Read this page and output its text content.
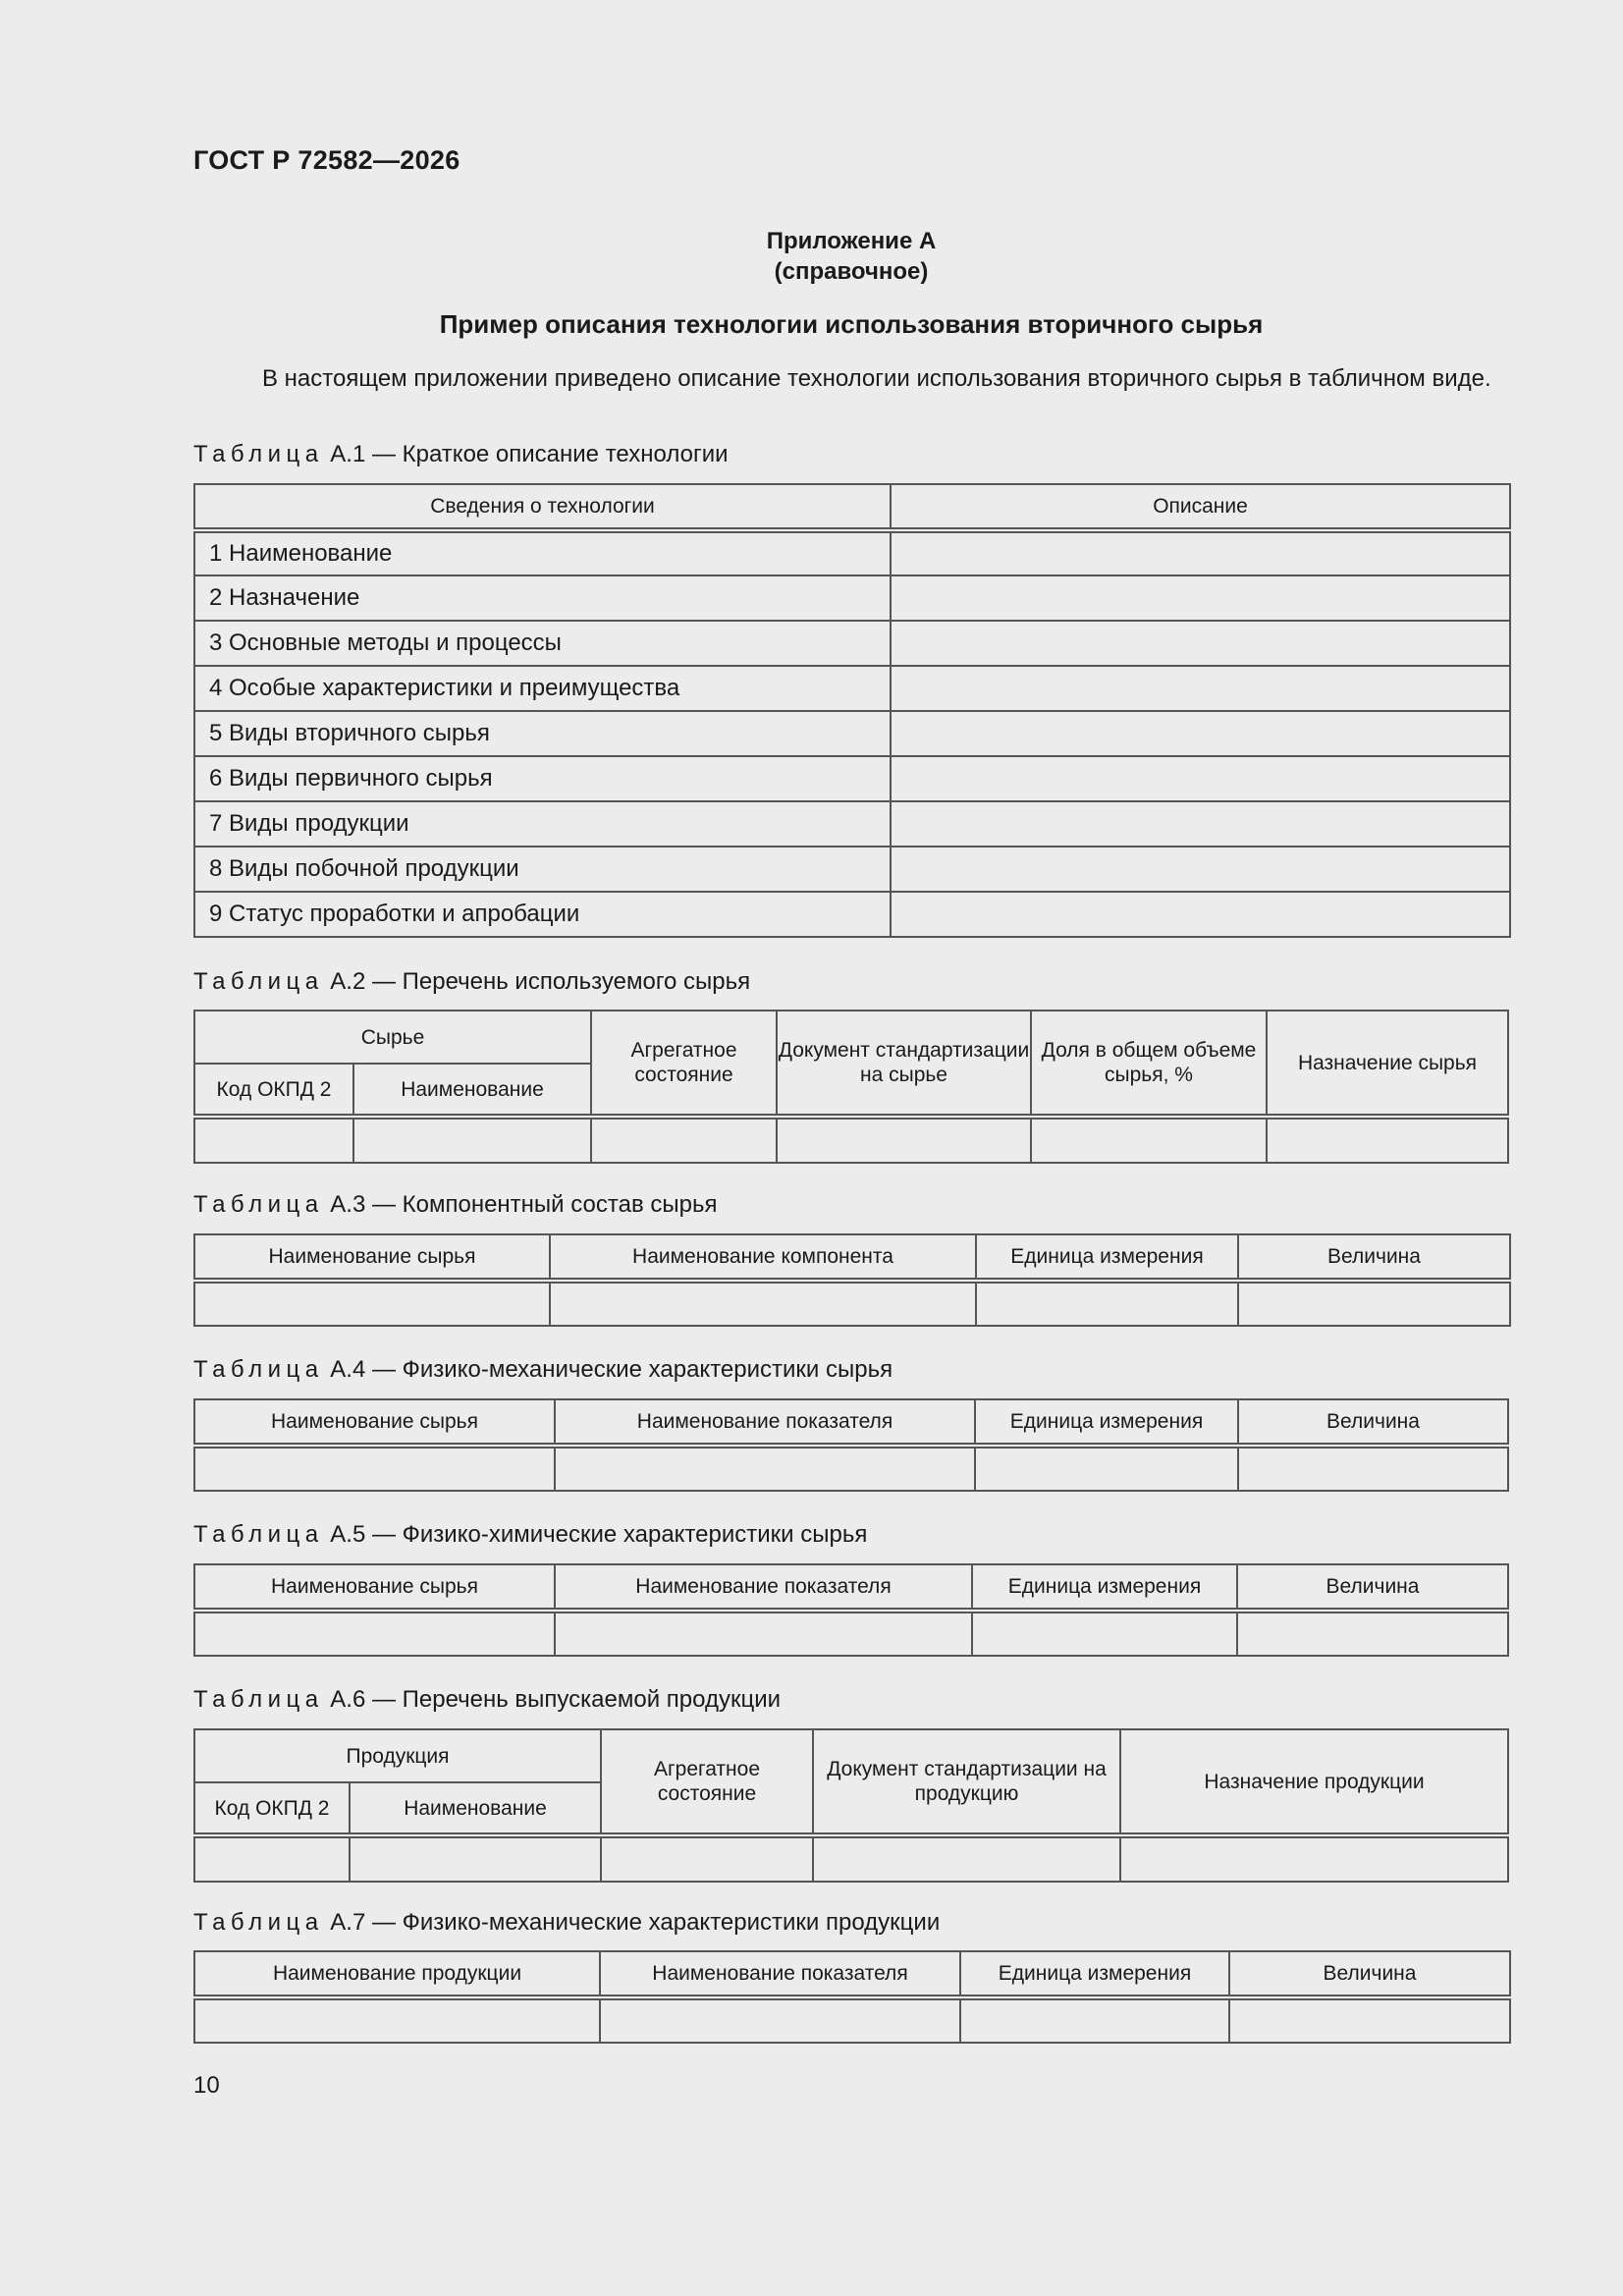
ГОСТ Р 72582—2026
Приложение А
(справочное)
Пример описания технологии использования вторичного сырья
В настоящем приложении приведено описание технологии использования вторичного сырья в табличном виде.
Таблица А.1 — Краткое описание технологии
Сведения о технологии	Описание
1 Наименование	
2 Назначение	
3 Основные методы и процессы	
4 Особые характеристики и преимущества	
5 Виды вторичного сырья	
6 Виды первичного сырья	
7 Виды продукции	
8 Виды побочной продукции	
9 Статус проработки и апробации	
Таблица А.2 — Перечень используемого сырья
Сырье		Агрегатное состояние	Документ стандартизации на сырье	Доля в общем объеме сырья, %	Назначение сырья
Код ОКПД 2	Наименование				

Таблица А.3 — Компонентный состав сырья
Наименование сырья	Наименование компонента	Единица измерения	Величина

Таблица А.4 — Физико-механические характеристики сырья
Наименование сырья	Наименование показателя	Единица измерения	Величина

Таблица А.5 — Физико-химические характеристики сырья
Наименование сырья	Наименование показателя	Единица измерения	Величина

Таблица А.6 — Перечень выпускаемой продукции
Продукция		Агрегатное состояние	Документ стандартизации на продукцию	Назначение продукции
Код ОКПД 2	Наименование			

Таблица А.7 — Физико-механические характеристики продукции
Наименование продукции	Наименование показателя	Единица измерения	Величина

10
